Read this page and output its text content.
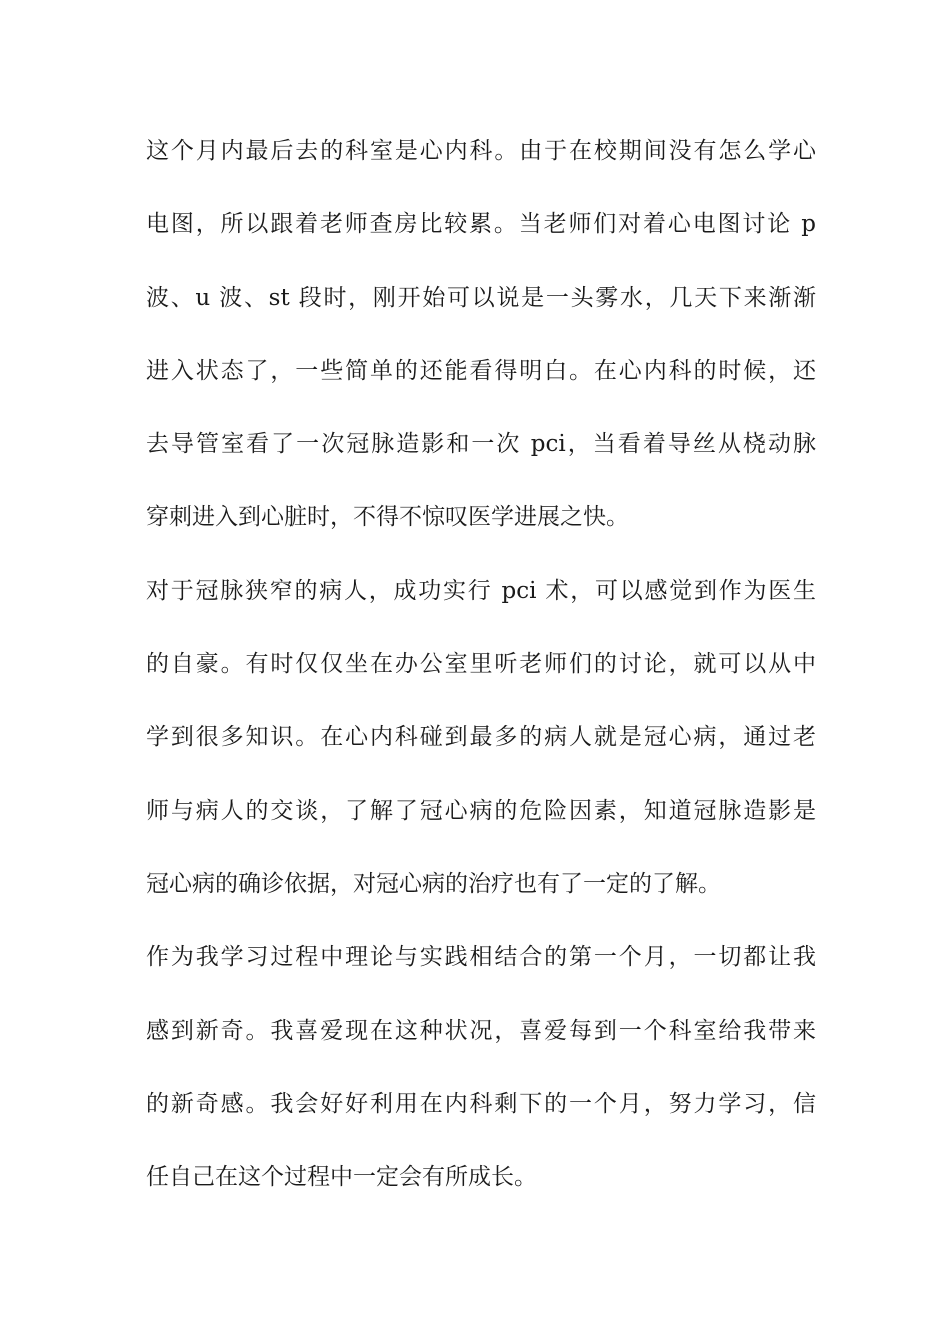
这个月内最后去的科室是心内科。由于在校期间没有怎么学心
电图，所以跟着老师查房比较累。当老师们对着心电图讨论 p
波、u 波、st 段时，刚开始可以说是一头雾水，几天下来渐渐
进入状态了，一些简单的还能看得明白。在心内科的时候，还
去导管室看了一次冠脉造影和一次 pci，当看着导丝从桡动脉
穿刺进入到心脏时，不得不惊叹医学进展之快。
对于冠脉狭窄的病人，成功实行 pci 术，可以感觉到作为医生
的自豪。有时仅仅坐在办公室里听老师们的讨论，就可以从中
学到很多知识。在心内科碰到最多的病人就是冠心病，通过老
师与病人的交谈，了解了冠心病的危险因素，知道冠脉造影是
冠心病的确诊依据，对冠心病的治疗也有了一定的了解。
作为我学习过程中理论与实践相结合的第一个月，一切都让我
感到新奇。我喜爱现在这种状况，喜爱每到一个科室给我带来
的新奇感。我会好好利用在内科剩下的一个月，努力学习，信
任自己在这个过程中一定会有所成长。
